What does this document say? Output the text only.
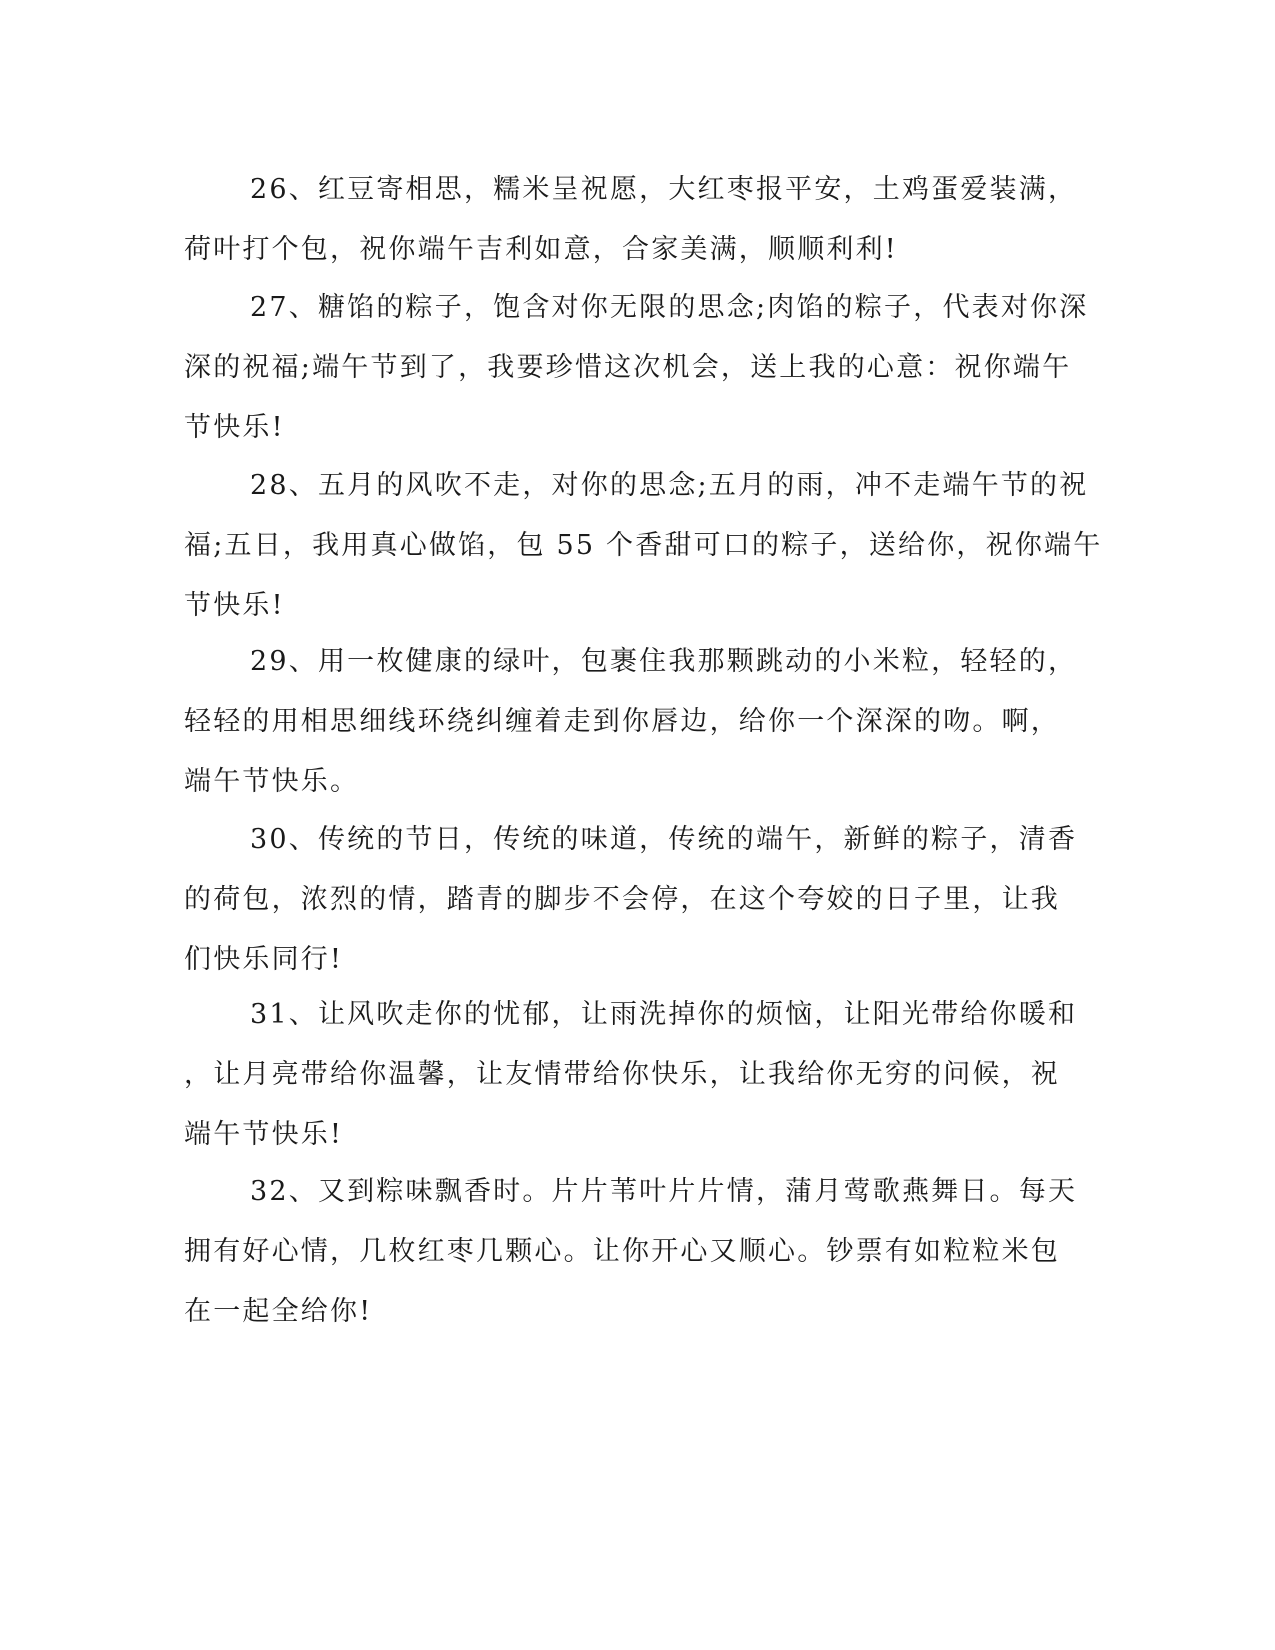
26、红豆寄相思，糯米呈祝愿，大红枣报平安，土鸡蛋爱装满，
荷叶打个包，祝你端午吉利如意，合家美满，顺顺利利!
27、糖馅的粽子，饱含对你无限的思念;肉馅的粽子，代表对你深
深的祝福;端午节到了，我要珍惜这次机会，送上我的心意：祝你端午
节快乐!
28、五月的风吹不走，对你的思念;五月的雨，冲不走端午节的祝
福;五日，我用真心做馅，包 55 个香甜可口的粽子，送给你，祝你端午
节快乐!
29、用一枚健康的绿叶，包裹住我那颗跳动的小米粒，轻轻的，
轻轻的用相思细线环绕纠缠着走到你唇边，给你一个深深的吻。啊，
端午节快乐。
30、传统的节日，传统的味道，传统的端午，新鲜的粽子，清香
的荷包，浓烈的情，踏青的脚步不会停，在这个夸姣的日子里，让我
们快乐同行!
31、让风吹走你的忧郁，让雨洗掉你的烦恼，让阳光带给你暖和
，让月亮带给你温馨，让友情带给你快乐，让我给你无穷的问候，祝
端午节快乐!
32、又到粽味飘香时。片片苇叶片片情，蒲月莺歌燕舞日。每天
拥有好心情，几枚红枣几颗心。让你开心又顺心。钞票有如粒粒米包
在一起全给你!
